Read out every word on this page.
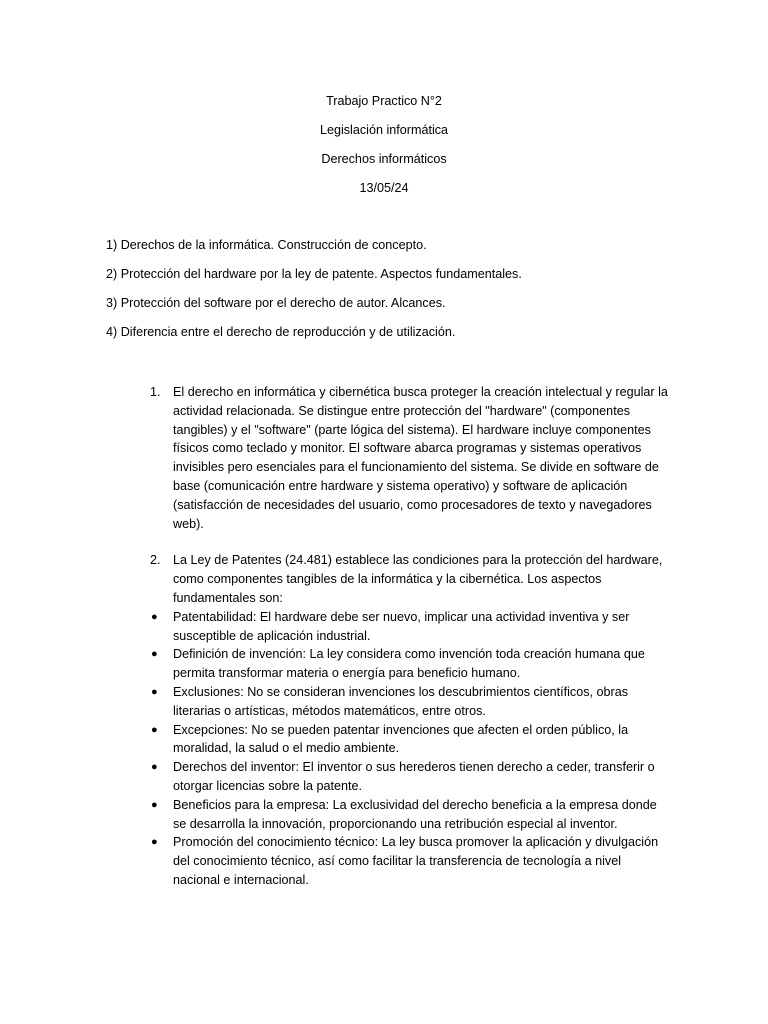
Trabajo Practico N°2
Legislación informática
Derechos informáticos
13/05/24
1) Derechos de la informática. Construcción de concepto.
2) Protección del hardware por la ley de patente. Aspectos fundamentales.
3) Protección del software por el derecho de autor. Alcances.
4) Diferencia entre el derecho de reproducción y de utilización.
1. El derecho en informática y cibernética busca proteger la creación intelectual y regular la actividad relacionada. Se distingue entre protección del "hardware" (componentes tangibles) y el "software" (parte lógica del sistema). El hardware incluye componentes físicos como teclado y monitor. El software abarca programas y sistemas operativos invisibles pero esenciales para el funcionamiento del sistema. Se divide en software de base (comunicación entre hardware y sistema operativo) y software de aplicación (satisfacción de necesidades del usuario, como procesadores de texto y navegadores web).
2. La Ley de Patentes (24.481) establece las condiciones para la protección del hardware, como componentes tangibles de la informática y la cibernética. Los aspectos fundamentales son:
● Patentabilidad: El hardware debe ser nuevo, implicar una actividad inventiva y ser susceptible de aplicación industrial.
● Definición de invención: La ley considera como invención toda creación humana que permita transformar materia o energía para beneficio humano.
● Exclusiones: No se consideran invenciones los descubrimientos científicos, obras literarias o artísticas, métodos matemáticos, entre otros.
● Excepciones: No se pueden patentar invenciones que afecten el orden público, la moralidad, la salud o el medio ambiente.
● Derechos del inventor: El inventor o sus herederos tienen derecho a ceder, transferir o otorgar licencias sobre la patente.
● Beneficios para la empresa: La exclusividad del derecho beneficia a la empresa donde se desarrolla la innovación, proporcionando una retribución especial al inventor.
● Promoción del conocimiento técnico: La ley busca promover la aplicación y divulgación del conocimiento técnico, así como facilitar la transferencia de tecnología a nivel nacional e internacional.
